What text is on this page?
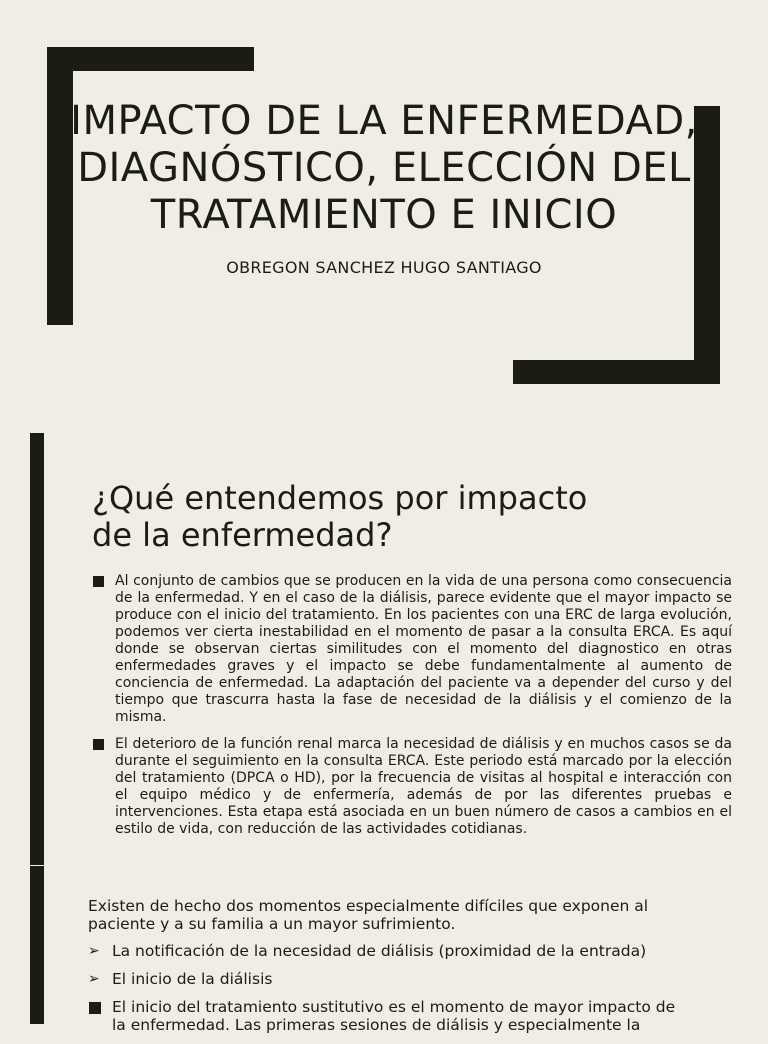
IMPACTO DE LA ENFERMEDAD,
DIAGNÓSTICO, ELECCIÓN DEL
TRATAMIENTO E INICIO
OBREGON SANCHEZ HUGO SANTIAGO
¿Qué entendemos por impacto
de la enfermedad?
Al conjunto de cambios que se producen en la vida de una persona como consecuencia de la enfermedad. Y en el caso de la diálisis, parece evidente que el mayor impacto se produce con el inicio del tratamiento. En los pacientes con una ERC de larga evolución, podemos ver cierta inestabilidad en el momento de pasar a la consulta ERCA. Es aquí donde se observan ciertas similitudes con el momento del diagnostico en otras enfermedades graves y el impacto se debe fundamentalmente al aumento de conciencia de enfermedad. La adaptación del paciente va a depender del curso y del tiempo que trascurra hasta la fase de necesidad de la diálisis y el comienzo de la misma.
El deterioro de la función renal marca la necesidad de diálisis y en muchos casos se da durante el seguimiento en la consulta ERCA. Este periodo está marcado por la elección del tratamiento (DPCA o HD), por la frecuencia de visitas al hospital e interacción con el equipo médico y de enfermería, además de por las diferentes pruebas e intervenciones. Esta etapa está asociada en un buen número de casos a cambios en el estilo de vida, con reducción de las actividades cotidianas.

Existen de hecho dos momentos especialmente difíciles que exponen al paciente y a su familia a un mayor sufrimiento.

➢ La notificación de la necesidad de diálisis (proximidad de la entrada)
➢ El inicio de la diálisis
El inicio del tratamiento sustitutivo es el momento de mayor impacto de la enfermedad. Las primeras sesiones de diálisis y especialmente la
